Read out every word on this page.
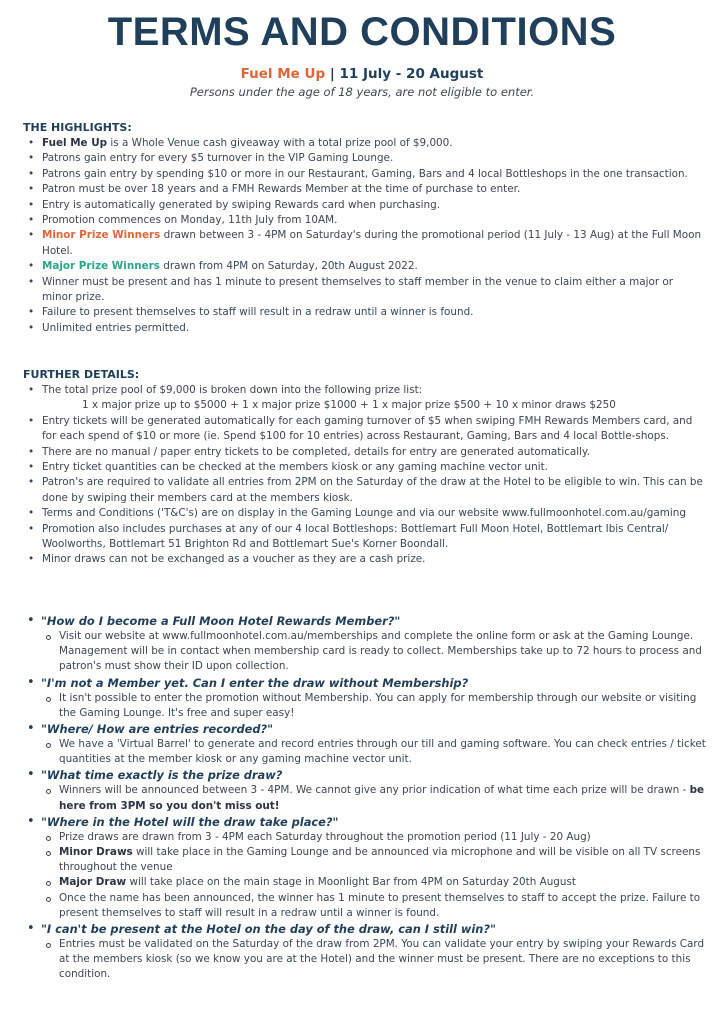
TERMS AND CONDITIONS
Fuel Me Up | 11 July - 20 August
Persons under the age of 18 years, are not eligible to enter.
THE HIGHLIGHTS:
• Fuel Me Up is a Whole Venue cash giveaway with a total prize pool of $9,000.
• Patrons gain entry for every $5 turnover in the VIP Gaming Lounge.
• Patrons gain entry by spending $10 or more in our Restaurant, Gaming, Bars and 4 local Bottleshops in the one transaction.
• Patron must be over 18 years and a FMH Rewards Member at the time of purchase to enter.
• Entry is automatically generated by swiping Rewards card when purchasing.
• Promotion commences on Monday, 11th July from 10AM.
• Minor Prize Winners drawn between 3 - 4PM on Saturday's during the promotional period (11 July - 13 Aug) at the Full Moon Hotel.
• Major Prize Winners drawn from 4PM on Saturday, 20th August 2022.
• Winner must be present and has 1 minute to present themselves to staff member in the venue to claim either a major or minor prize.
• Failure to present themselves to staff will result in a redraw until a winner is found.
• Unlimited entries permitted.
FURTHER DETAILS:
• The total prize pool of $9,000 is broken down into the following prize list:
1 x major prize up to $5000 + 1 x major prize $1000 + 1 x major prize $500 + 10 x minor draws $250
• Entry tickets will be generated automatically for each gaming turnover of $5 when swiping FMH Rewards Members card, and for each spend of $10 or more (ie. Spend $100 for 10 entries) across Restaurant, Gaming, Bars and 4 local Bottle-shops.
• There are no manual / paper entry tickets to be completed, details for entry are generated automatically.
• Entry ticket quantities can be checked at the members kiosk or any gaming machine vector unit.
• Patron's are required to validate all entries from 2PM on the Saturday of the draw at the Hotel to be eligible to win. This can be done by swiping their members card at the members kiosk.
• Terms and Conditions ('T&C's) are on display in the Gaming Lounge and via our website www.fullmoonhotel.com.au/gaming
• Promotion also includes purchases at any of our 4 local Bottleshops: Bottlemart Full Moon Hotel, Bottlemart Ibis Central/ Woolworths, Bottlemart 51 Brighton Rd and Bottlemart Sue's Korner Boondall.
• Minor draws can not be exchanged as a voucher as they are a cash prize.
• "How do I become a Full Moon Hotel Rewards Member?"
Visit our website at www.fullmoonhotel.com.au/memberships and complete the online form or ask at the Gaming Lounge. Management will be in contact when membership card is ready to collect. Memberships take up to 72 hours to process and patron's must show their ID upon collection.
• "I'm not a Member yet. Can I enter the draw without Membership?
It isn't possible to enter the promotion without Membership. You can apply for membership through our website or visiting the Gaming Lounge. It's free and super easy!
• "Where/ How are entries recorded?"
We have a 'Virtual Barrel' to generate and record entries through our till and gaming software. You can check entries / ticket quantities at the member kiosk or any gaming machine vector unit.
• "What time exactly is the prize draw?
Winners will be announced between 3 - 4PM. We cannot give any prior indication of what time each prize will be drawn - be here from 3PM so you don't miss out!
• "Where in the Hotel will the draw take place?"
Prize draws are drawn from 3 - 4PM each Saturday throughout the promotion period (11 July - 20 Aug)
Minor Draws will take place in the Gaming Lounge and be announced via microphone and will be visible on all TV screens throughout the venue
Major Draw will take place on the main stage in Moonlight Bar from 4PM on Saturday 20th August
Once the name has been announced, the winner has 1 minute to present themselves to staff to accept the prize. Failure to present themselves to staff will result in a redraw until a winner is found.
• "I can't be present at the Hotel on the day of the draw, can I still win?"
Entries must be validated on the Saturday of the draw from 2PM. You can validate your entry by swiping your Rewards Card at the members kiosk (so we know you are at the Hotel) and the winner must be present. There are no exceptions to this condition.
